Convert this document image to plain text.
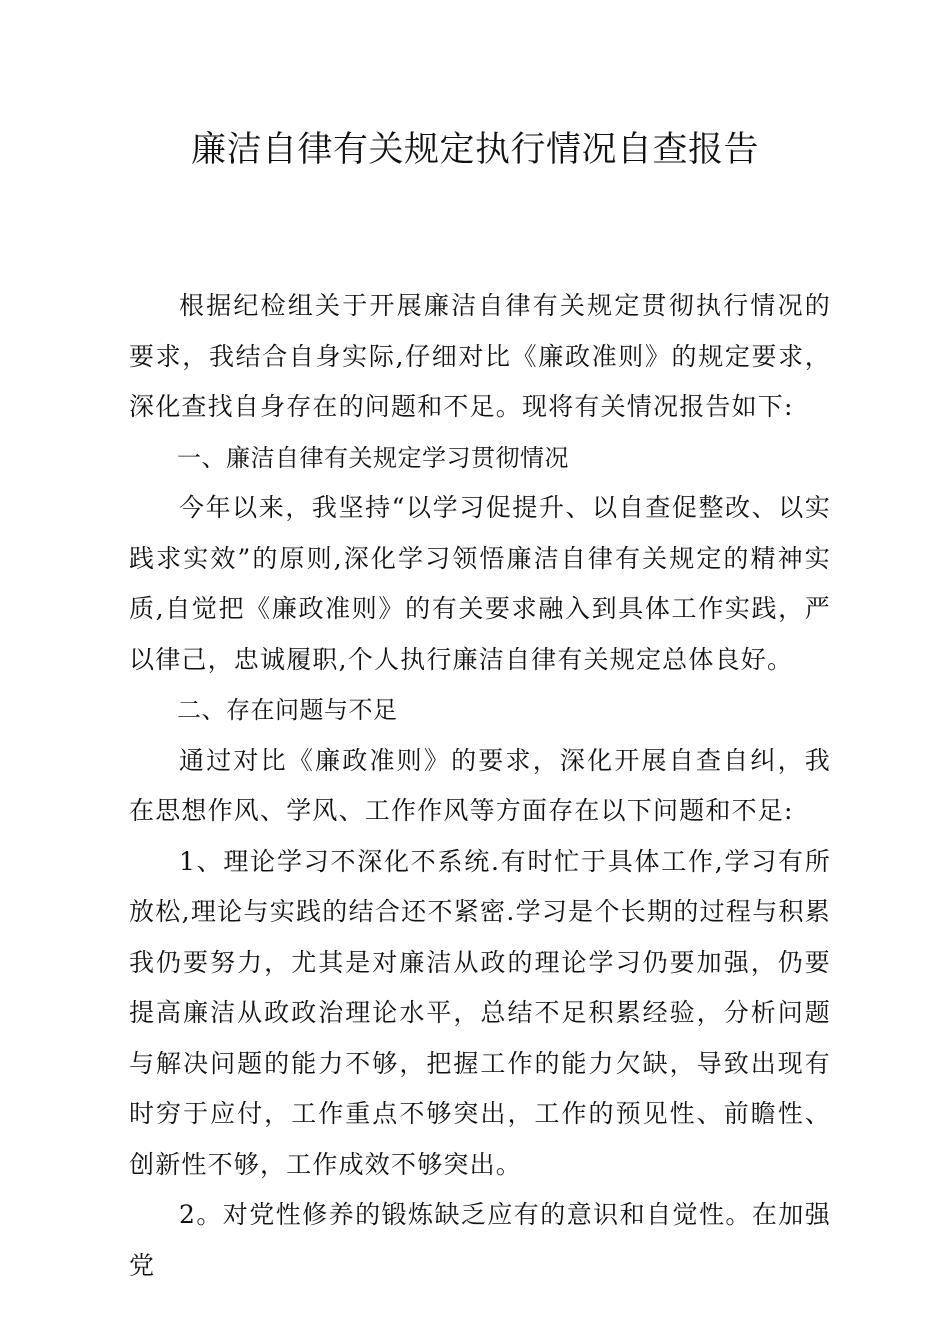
廉洁自律有关规定执行情况自查报告

根据纪检组关于开展廉洁自律有关规定贯彻执行情况的要求，我结合自身实际,仔细对比《廉政准则》的规定要求，深化查找自身存在的问题和不足。现将有关情况报告如下:

一、廉洁自律有关规定学习贯彻情况

今年以来，我坚持“以学习促提升、以自查促整改、以实践求实效”的原则,深化学习领悟廉洁自律有关规定的精神实质,自觉把《廉政准则》的有关要求融入到具体工作实践，严以律己，忠诚履职,个人执行廉洁自律有关规定总体良好。

二、存在问题与不足

通过对比《廉政准则》的要求，深化开展自查自纠，我在思想作风、学风、工作作风等方面存在以下问题和不足:

1、理论学习不深化不系统.有时忙于具体工作,学习有所放松,理论与实践的结合还不紧密.学习是个长期的过程与积累我仍要努力，尤其是对廉洁从政的理论学习仍要加强，仍要提高廉洁从政政治理论水平，总结不足积累经验，分析问题与解决问题的能力不够，把握工作的能力欠缺，导致出现有时穷于应付，工作重点不够突出，工作的预见性、前瞻性、创新性不够，工作成效不够突出。

2。对党性修养的锻炼缺乏应有的意识和自觉性。在加强党
